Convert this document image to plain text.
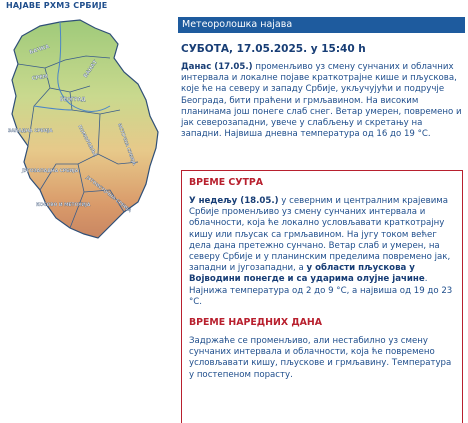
НАЈАВЕ РХМЗ СРБИЈЕ
БАЧКА
БАНАТ
СРЕМ
БЕОГРАД
ЗАПАДНА СРБИЈА	ПОМОРАВЉЕ	ИСТОЧНА СРБИЈА
ЈУГОЗАПАДНА СРБИЈА
ЈУГОИСТОЧНА СРБИЈА
КОСОВО И МЕТОХИЈА
Метеоролошка најава
СУБОТА, 17.05.2025. у 15:40 h
Данас (17.05.) променљиво уз смену сунчаних и облачних интервала и локалне појаве краткотрајне кише и пљускова, које ће на северу и западу Србије, укључујући и подручје Београда, бити праћени и грмљавином. На високим планинама још понеге слаб снег. Ветар умерен, повремено и јак северозападни, увече у слабљењу и скретању на западни. Највиша дневна температура од 16 до 19 °C.
ВРЕМЕ СУТРА

У недељу (18.05.) у северним и централним крајевима Србије променљиво уз смену сунчаних интервала и облачности, која ће локално условљавати краткотрајну кишу или пљусак са грмљавином. На југу током већег дела дана претежно сунчано. Ветар слаб и умерен, на северу Србије и у планинским пределима повремено јак, западни и југозападни, а у области пљускова у Војводини понегде и са ударима олујне јачине. Најнижа температура од 2 до 9 °C, а највиша од 19 до 23 °C.

ВРЕМЕ НАРЕДНИХ ДАНА

Задржаће се променљиво, али нестабилно уз смену сунчаних интервала и облачности, која ће повремено условљавати кишу, пљускове и грмљавину. Температура у постепеном порасту.
